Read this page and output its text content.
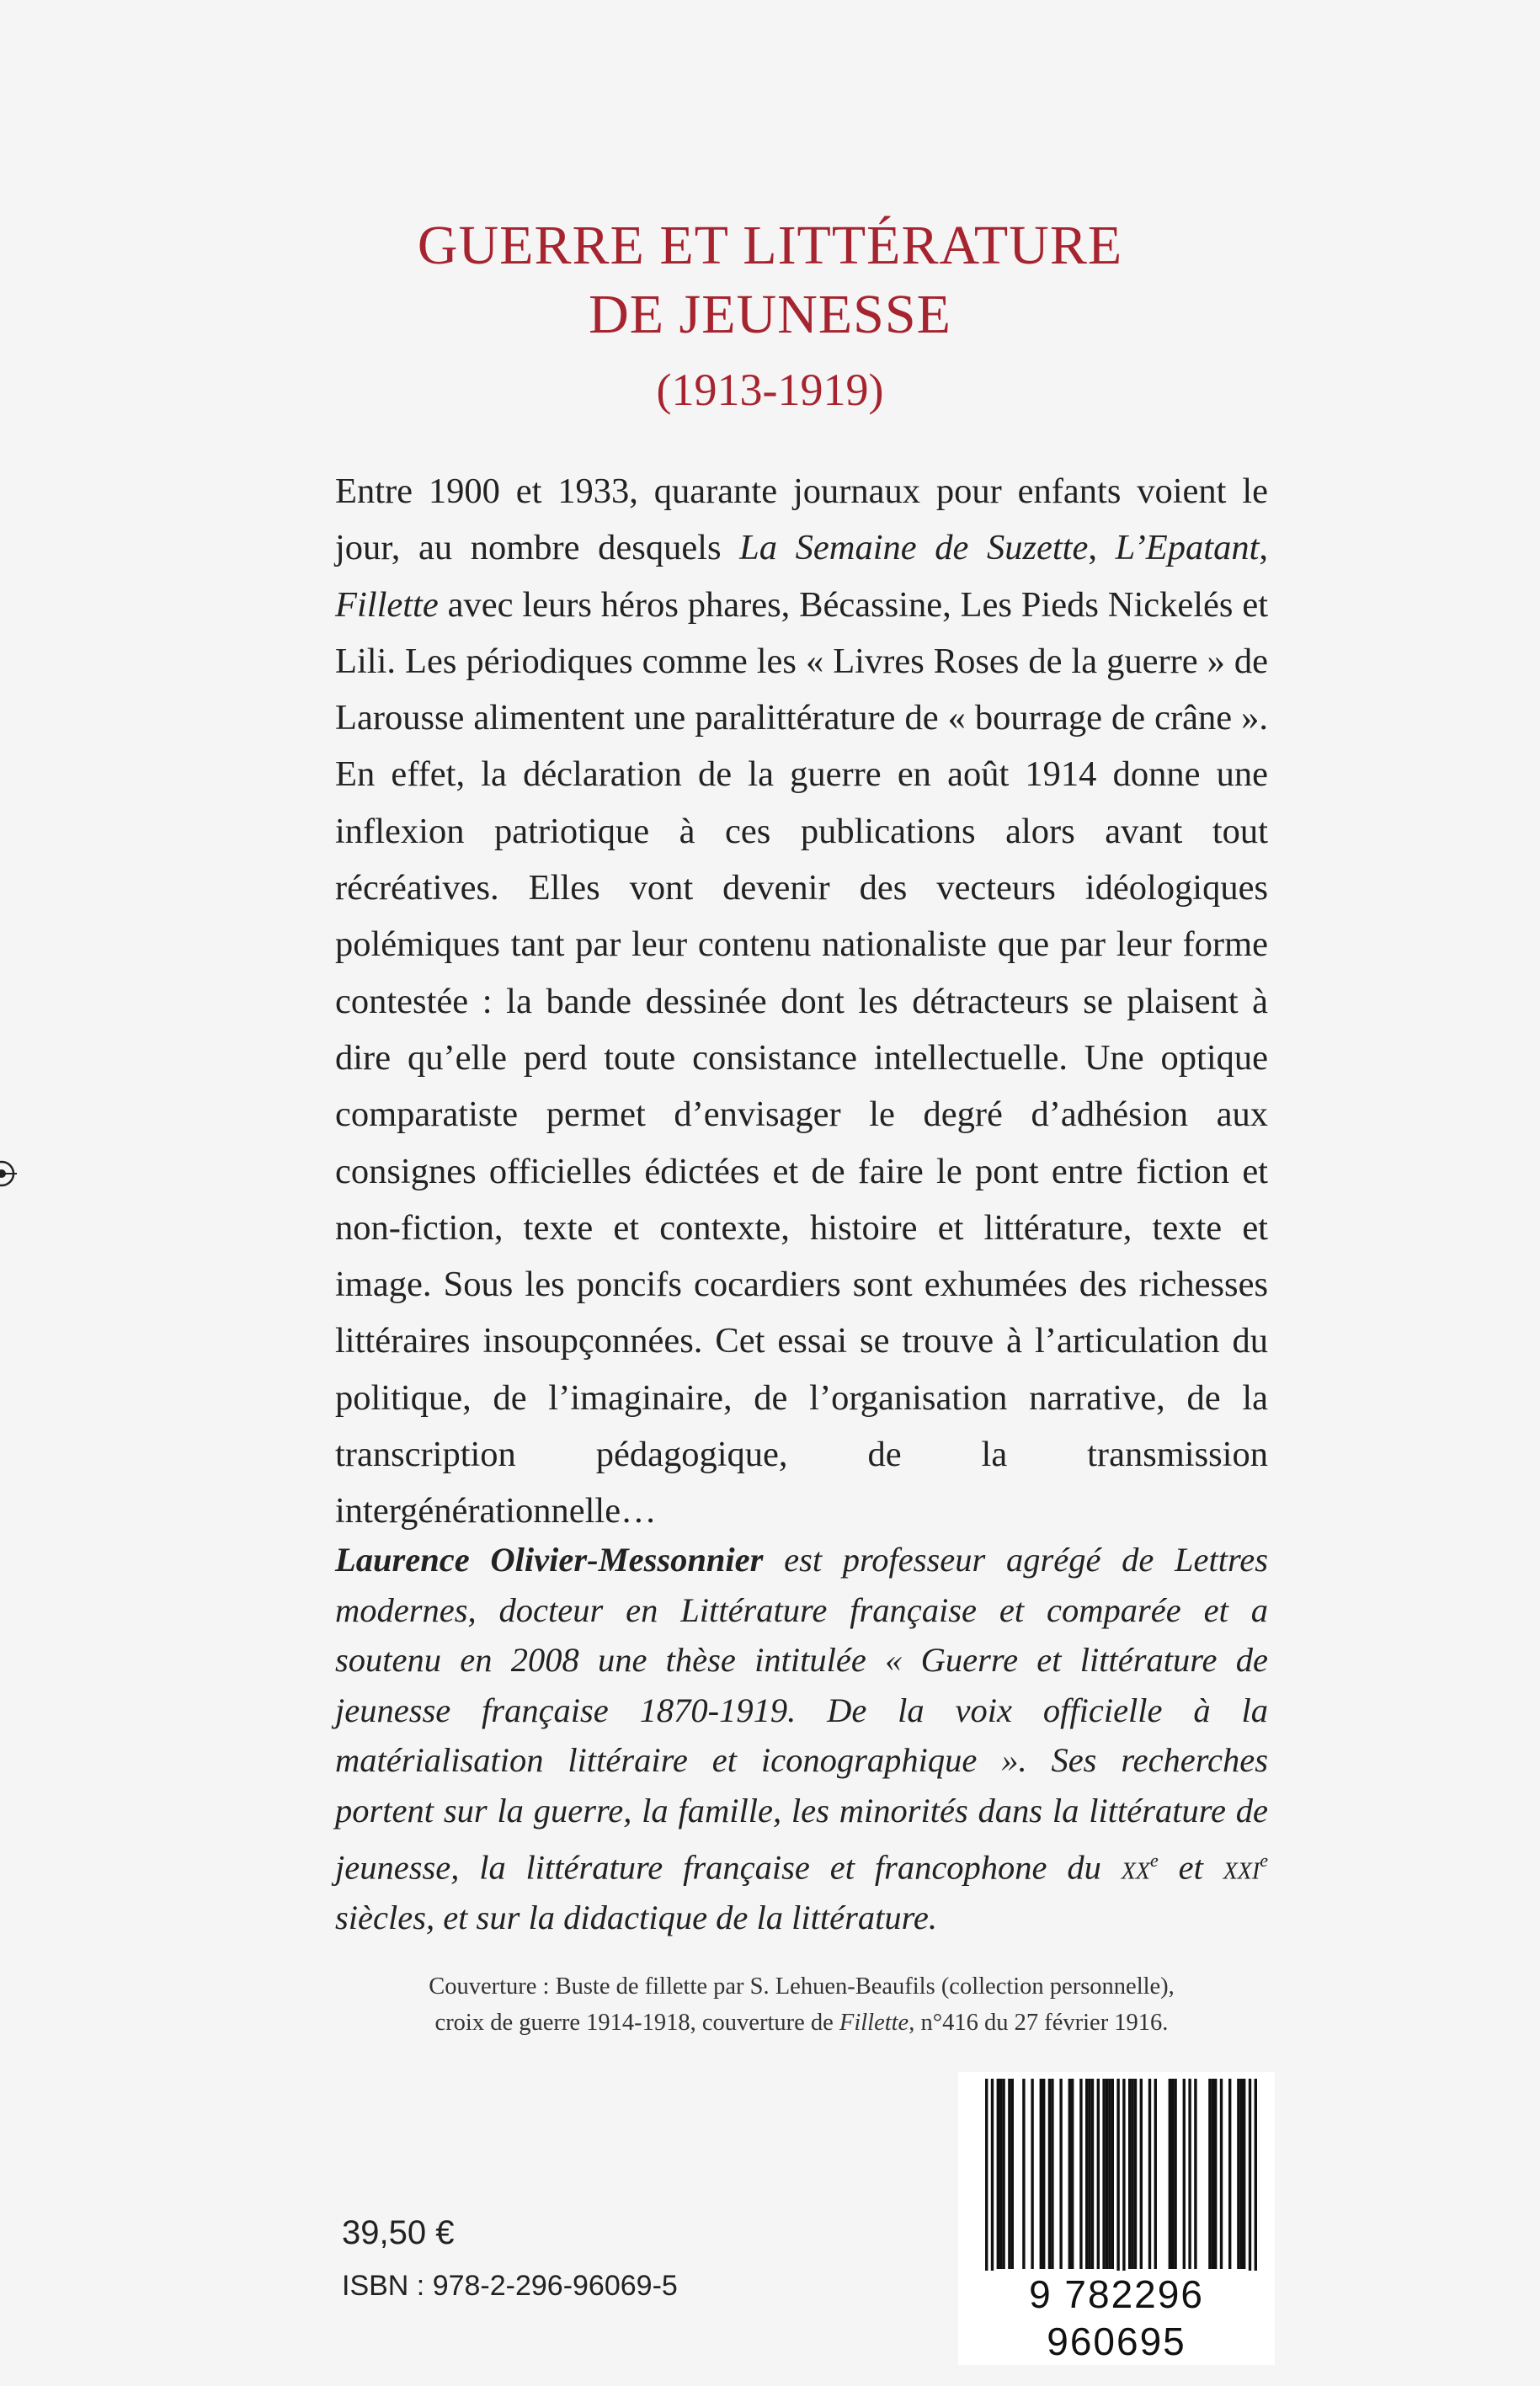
GUERRE ET LITTÉRATURE
DE JEUNESSE
(1913-1919)

Entre 1900 et 1933, quarante journaux pour enfants voient le jour, au nombre desquels La Semaine de Suzette, L’Epatant, Fillette avec leurs héros phares, Bécassine, Les Pieds Nickelés et Lili. Les périodiques comme les « Livres Roses de la guerre » de Larousse alimentent une paralittérature de « bourrage de crâne ». En effet, la déclaration de la guerre en août 1914 donne une inflexion patriotique à ces publications alors avant tout récréatives. Elles vont devenir des vecteurs idéologiques polémiques tant par leur contenu nationaliste que par leur forme contestée : la bande dessinée dont les détracteurs se plaisent à dire qu’elle perd toute consistance intellectuelle. Une optique comparatiste permet d’envisager le degré d’adhésion aux consignes officielles édictées et de faire le pont entre fiction et non-fiction, texte et contexte, histoire et littérature, texte et image. Sous les poncifs cocardiers sont exhumées des richesses littéraires insoupçonnées. Cet essai se trouve à l’articulation du politique, de l’imaginaire, de l’organisation narrative, de la transcription pédagogique, de la transmission intergénérationnelle…

Laurence Olivier-Messonnier est professeur agrégé de Lettres modernes, docteur en Littérature française et comparée et a soutenu en 2008 une thèse intitulée « Guerre et littérature de jeunesse française 1870-1919. De la voix officielle à la matérialisation littéraire et iconographique ». Ses recherches portent sur la guerre, la famille, les minorités dans la littérature de jeunesse, la littérature française et francophone du $xx^e$ et xxi$^e$ siècles, et sur la didactique de la littérature.

Couverture : Buste de fillette par S. Lehuen-Beaufils (collection personnelle),

croix de guerre 1914-1918, couverture de Fillette, n°416 du 27 février 1916.

39,50 €
ISBN : 978-2-296-96069-5	9 782296 960695
